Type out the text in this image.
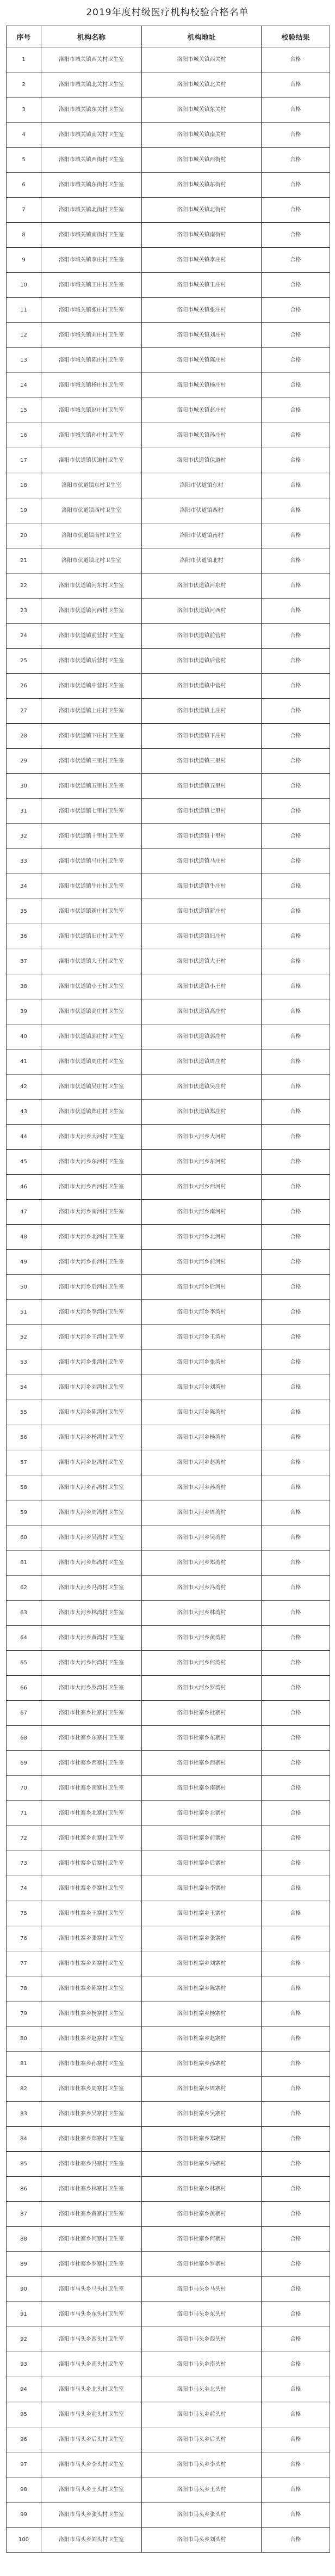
2019年度村级医疗机构校验合格名单
序号	机构名称	机构地址	校验结果
1	洛阳市城关镇西关村卫生室	洛阳市城关镇西关村	合格
2	洛阳市城关镇北关村卫生室	洛阳市城关镇北关村	合格
3	洛阳市城关镇东关村卫生室	洛阳市城关镇东关村	合格
4	洛阳市城关镇南关村卫生室	洛阳市城关镇南关村	合格
5	洛阳市城关镇西街村卫生室	洛阳市城关镇西街村	合格
6	洛阳市城关镇东街村卫生室	洛阳市城关镇东街村	合格
7	洛阳市城关镇北街村卫生室	洛阳市城关镇北街村	合格
8	洛阳市城关镇南街村卫生室	洛阳市城关镇南街村	合格
9	洛阳市城关镇李庄村卫生室	洛阳市城关镇李庄村	合格
10	洛阳市城关镇王庄村卫生室	洛阳市城关镇王庄村	合格
11	洛阳市城关镇张庄村卫生室	洛阳市城关镇张庄村	合格
12	洛阳市城关镇刘庄村卫生室	洛阳市城关镇刘庄村	合格
13	洛阳市城关镇陈庄村卫生室	洛阳市城关镇陈庄村	合格
14	洛阳市城关镇杨庄村卫生室	洛阳市城关镇杨庄村	合格
15	洛阳市城关镇赵庄村卫生室	洛阳市城关镇赵庄村	合格
16	洛阳市城关镇孙庄村卫生室	洛阳市城关镇孙庄村	合格
17	洛阳市伏道镇伏道村卫生室	洛阳市伏道镇伏道村	合格
18	洛阳市伏道镇东村卫生室	洛阳市伏道镇东村	合格
19	洛阳市伏道镇西村卫生室	洛阳市伏道镇西村	合格
20	洛阳市伏道镇南村卫生室	洛阳市伏道镇南村	合格
21	洛阳市伏道镇北村卫生室	洛阳市伏道镇北村	合格
22	洛阳市伏道镇河东村卫生室	洛阳市伏道镇河东村	合格
23	洛阳市伏道镇河西村卫生室	洛阳市伏道镇河西村	合格
24	洛阳市伏道镇前营村卫生室	洛阳市伏道镇前营村	合格
25	洛阳市伏道镇后营村卫生室	洛阳市伏道镇后营村	合格
26	洛阳市伏道镇中营村卫生室	洛阳市伏道镇中营村	合格
27	洛阳市伏道镇上庄村卫生室	洛阳市伏道镇上庄村	合格
28	洛阳市伏道镇下庄村卫生室	洛阳市伏道镇下庄村	合格
29	洛阳市伏道镇三里村卫生室	洛阳市伏道镇三里村	合格
30	洛阳市伏道镇五里村卫生室	洛阳市伏道镇五里村	合格
31	洛阳市伏道镇七里村卫生室	洛阳市伏道镇七里村	合格
32	洛阳市伏道镇十里村卫生室	洛阳市伏道镇十里村	合格
33	洛阳市伏道镇马庄村卫生室	洛阳市伏道镇马庄村	合格
34	洛阳市伏道镇牛庄村卫生室	洛阳市伏道镇牛庄村	合格
35	洛阳市伏道镇新庄村卫生室	洛阳市伏道镇新庄村	合格
36	洛阳市伏道镇旧庄村卫生室	洛阳市伏道镇旧庄村	合格
37	洛阳市伏道镇大王村卫生室	洛阳市伏道镇大王村	合格
38	洛阳市伏道镇小王村卫生室	洛阳市伏道镇小王村	合格
39	洛阳市伏道镇高庄村卫生室	洛阳市伏道镇高庄村	合格
40	洛阳市伏道镇郭庄村卫生室	洛阳市伏道镇郭庄村	合格
41	洛阳市伏道镇周庄村卫生室	洛阳市伏道镇周庄村	合格
42	洛阳市伏道镇吴庄村卫生室	洛阳市伏道镇吴庄村	合格
43	洛阳市伏道镇郑庄村卫生室	洛阳市伏道镇郑庄村	合格
44	洛阳市大河乡大河村卫生室	洛阳市大河乡大河村	合格
45	洛阳市大河乡东河村卫生室	洛阳市大河乡东河村	合格
46	洛阳市大河乡西河村卫生室	洛阳市大河乡西河村	合格
47	洛阳市大河乡南河村卫生室	洛阳市大河乡南河村	合格
48	洛阳市大河乡北河村卫生室	洛阳市大河乡北河村	合格
49	洛阳市大河乡前河村卫生室	洛阳市大河乡前河村	合格
50	洛阳市大河乡后河村卫生室	洛阳市大河乡后河村	合格
51	洛阳市大河乡李湾村卫生室	洛阳市大河乡李湾村	合格
52	洛阳市大河乡王湾村卫生室	洛阳市大河乡王湾村	合格
53	洛阳市大河乡张湾村卫生室	洛阳市大河乡张湾村	合格
54	洛阳市大河乡刘湾村卫生室	洛阳市大河乡刘湾村	合格
55	洛阳市大河乡陈湾村卫生室	洛阳市大河乡陈湾村	合格
56	洛阳市大河乡杨湾村卫生室	洛阳市大河乡杨湾村	合格
57	洛阳市大河乡赵湾村卫生室	洛阳市大河乡赵湾村	合格
58	洛阳市大河乡孙湾村卫生室	洛阳市大河乡孙湾村	合格
59	洛阳市大河乡周湾村卫生室	洛阳市大河乡周湾村	合格
60	洛阳市大河乡吴湾村卫生室	洛阳市大河乡吴湾村	合格
61	洛阳市大河乡郑湾村卫生室	洛阳市大河乡郑湾村	合格
62	洛阳市大河乡冯湾村卫生室	洛阳市大河乡冯湾村	合格
63	洛阳市大河乡林湾村卫生室	洛阳市大河乡林湾村	合格
64	洛阳市大河乡黄湾村卫生室	洛阳市大河乡黄湾村	合格
65	洛阳市大河乡何湾村卫生室	洛阳市大河乡何湾村	合格
66	洛阳市大河乡罗湾村卫生室	洛阳市大河乡罗湾村	合格
67	洛阳市杜寨乡杜寨村卫生室	洛阳市杜寨乡杜寨村	合格
68	洛阳市杜寨乡东寨村卫生室	洛阳市杜寨乡东寨村	合格
69	洛阳市杜寨乡西寨村卫生室	洛阳市杜寨乡西寨村	合格
70	洛阳市杜寨乡南寨村卫生室	洛阳市杜寨乡南寨村	合格
71	洛阳市杜寨乡北寨村卫生室	洛阳市杜寨乡北寨村	合格
72	洛阳市杜寨乡前寨村卫生室	洛阳市杜寨乡前寨村	合格
73	洛阳市杜寨乡后寨村卫生室	洛阳市杜寨乡后寨村	合格
74	洛阳市杜寨乡李寨村卫生室	洛阳市杜寨乡李寨村	合格
75	洛阳市杜寨乡王寨村卫生室	洛阳市杜寨乡王寨村	合格
76	洛阳市杜寨乡张寨村卫生室	洛阳市杜寨乡张寨村	合格
77	洛阳市杜寨乡刘寨村卫生室	洛阳市杜寨乡刘寨村	合格
78	洛阳市杜寨乡陈寨村卫生室	洛阳市杜寨乡陈寨村	合格
79	洛阳市杜寨乡杨寨村卫生室	洛阳市杜寨乡杨寨村	合格
80	洛阳市杜寨乡赵寨村卫生室	洛阳市杜寨乡赵寨村	合格
81	洛阳市杜寨乡孙寨村卫生室	洛阳市杜寨乡孙寨村	合格
82	洛阳市杜寨乡周寨村卫生室	洛阳市杜寨乡周寨村	合格
83	洛阳市杜寨乡吴寨村卫生室	洛阳市杜寨乡吴寨村	合格
84	洛阳市杜寨乡郑寨村卫生室	洛阳市杜寨乡郑寨村	合格
85	洛阳市杜寨乡冯寨村卫生室	洛阳市杜寨乡冯寨村	合格
86	洛阳市杜寨乡林寨村卫生室	洛阳市杜寨乡林寨村	合格
87	洛阳市杜寨乡黄寨村卫生室	洛阳市杜寨乡黄寨村	合格
88	洛阳市杜寨乡何寨村卫生室	洛阳市杜寨乡何寨村	合格
89	洛阳市杜寨乡罗寨村卫生室	洛阳市杜寨乡罗寨村	合格
90	洛阳市马头乡马头村卫生室	洛阳市马头乡马头村	合格
91	洛阳市马头乡东头村卫生室	洛阳市马头乡东头村	合格
92	洛阳市马头乡西头村卫生室	洛阳市马头乡西头村	合格
93	洛阳市马头乡南头村卫生室	洛阳市马头乡南头村	合格
94	洛阳市马头乡北头村卫生室	洛阳市马头乡北头村	合格
95	洛阳市马头乡前头村卫生室	洛阳市马头乡前头村	合格
96	洛阳市马头乡后头村卫生室	洛阳市马头乡后头村	合格
97	洛阳市马头乡李头村卫生室	洛阳市马头乡李头村	合格
98	洛阳市马头乡王头村卫生室	洛阳市马头乡王头村	合格
99	洛阳市马头乡张头村卫生室	洛阳市马头乡张头村	合格
100	洛阳市马头乡刘头村卫生室	洛阳市马头乡刘头村	合格
